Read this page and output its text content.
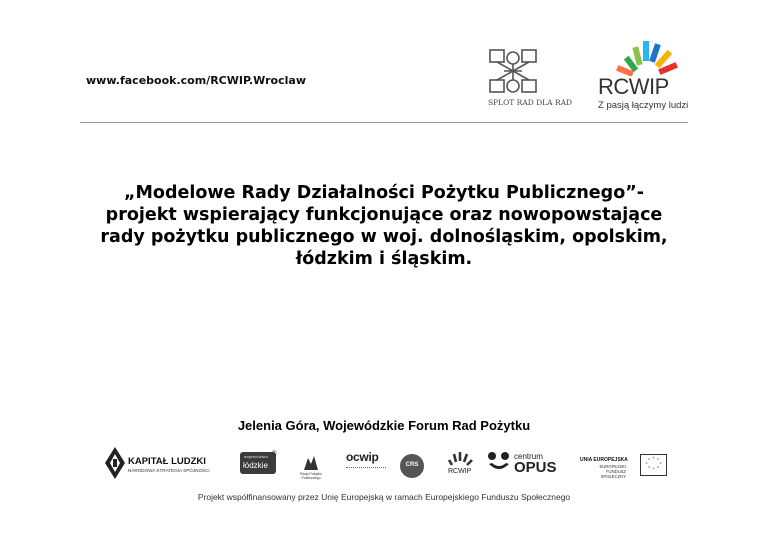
www.facebook.com/RCWIP.Wroclaw
SPLOT RAD DLA RAD
RCWIP
Z pasją łączymy ludzi
„Modelowe Rady Działalności Pożytku Publicznego”-
projekt wspierający funkcjonujące oraz nowopowstające
rady pożytku publicznego w woj. dolnośląskim, opolskim,
łódzkim i śląskim.
Jelenia Góra, Wojewódzkie Forum Rad Pożytku
KAPITAŁ LUDZKI
NARODOWA STRATEGIA SPÓJNOŚCI
województwo
łódzkie
®
Rada Pożytku Publicznego
ocwip
CRS
RCWIP
centrum
OPUS	UNIA EUROPEJSKA
EUROPEJSKI FUNDUSZ SPOŁECZNY
* *
*
*
*
*
*
*
Projekt współfinansowany przez Unię Europejską w ramach Europejskiego Funduszu Społecznego
